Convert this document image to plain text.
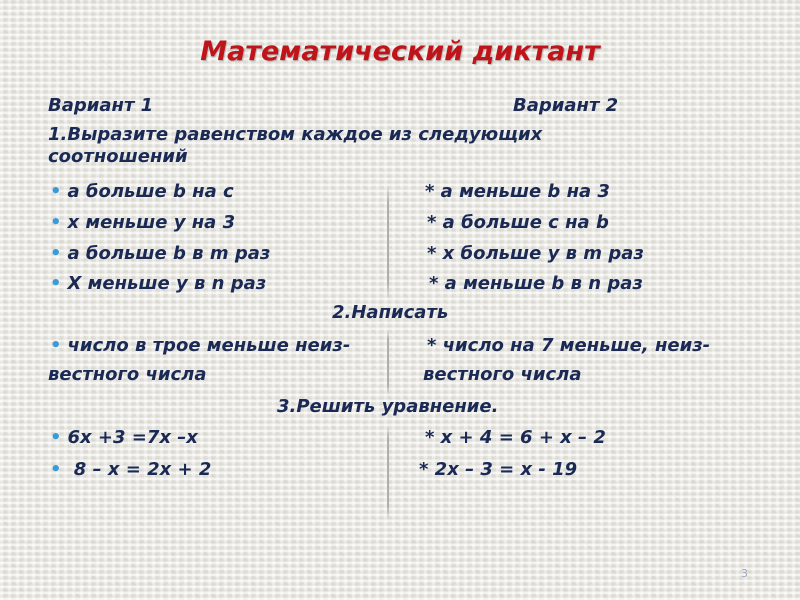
Математический диктант
Вариант 1	Вариант 2
1.Выразите равенством каждое из следующих
соотношений
• а больше b на с
• х меньше у на 3
• а больше b в m раз
• Х меньше у в n раз
* а меньше b на 3
* а больше с на b
* х больше у в m раз
* а меньше b в n раз
2.Написать
• число в трое меньше неиз-
вестного числа
* число на 7 меньше, неиз-
вестного числа
3.Решить уравнение.
• 6х +3 =7х –х
• 8 – х = 2х + 2
* х + 4 = 6 + х – 2
* 2х – 3 = х - 19
3
